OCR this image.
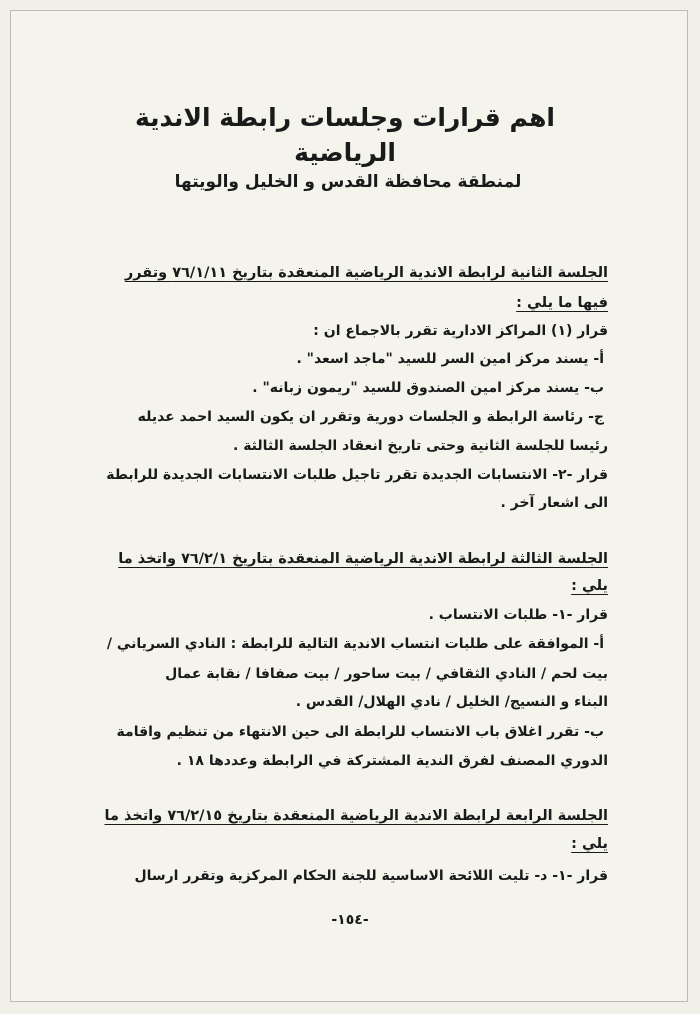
اهم قرارات وجلسات رابطة الاندية الرياضية
لمنطقة محافظة القدس و الخليل والويتها
الجلسة الثانية لرابطة الاندية الرياضية المنعقدة بتاريخ ٧٦/١/١١ وتقرر
فيها ما يلي :
قرار (١) المراكز الادارية تقرر بالاجماع ان :
أ- يسند مركز امين السر للسيد "ماجد اسعد" .
ب- يسند مركز امين الصندوق للسيد "ريمون زبانه" .
ج- رئاسة الرابطة و الجلسات دورية وتقرر ان يكون السيد احمد عديله
رئيسا للجلسة الثانية وحتى تاريخ انعقاد الجلسة الثالثة .
قرار -٢- الانتسابات الجديدة تقرر تاجيل طلبات الانتسابات الجديدة للرابطة
الى اشعار آخر .
الجلسة الثالثة لرابطة الاندية الرياضية المنعقدة بتاريخ ٧٦/٢/١ واتخذ ما
يلي :
قرار -١- طلبات الانتساب .
أ- الموافقة على طلبات انتساب الاندية التالية للرابطة : النادي السرياني /
بيت لحم / النادي الثقافي / بيت ساحور / بيت صفافا / نقابة عمال
البناء و النسيج/ الخليل / نادي الهلال/ القدس .
ب- تقرر اغلاق باب الانتساب للرابطة الى حين الانتهاء من تنظيم واقامة
الدوري المصنف لفرق الندية المشتركة في الرابطة وعددها ١٨ .
الجلسة الرابعة لرابطة الاندية الرياضية المنعقدة بتاريخ ٧٦/٢/١٥ واتخذ ما
يلي :
قرار -١- د- تليت اللائحة الاساسية للجنة الحكام المركزية وتقرر ارسال
-١٥٤-
